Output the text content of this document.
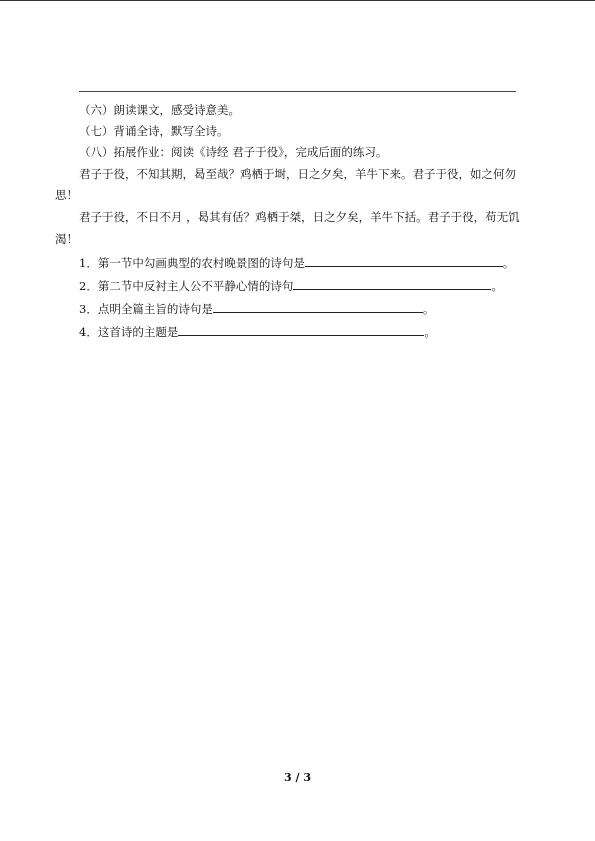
（六）朗读课文，感受诗意美。
（七）背诵全诗，默写全诗。
（八）拓展作业：阅读《诗经 君子于役》，完成后面的练习。
君子于役，不知其期，曷至哉？鸡栖于埘，日之夕矣，羊牛下来。君子于役，如之何勿
思！
君子于役，不日不月 ，曷其有佸？鸡栖于桀，日之夕矣，羊牛下括。君子于役，苟无饥
渴！
1．第一节中勾画典型的农村晚景图的诗句是	。
2．第二节中反衬主人公不平静心情的诗句	。
3．点明全篇主旨的诗句是	。
4．这首诗的主题是	。
3 / 3
